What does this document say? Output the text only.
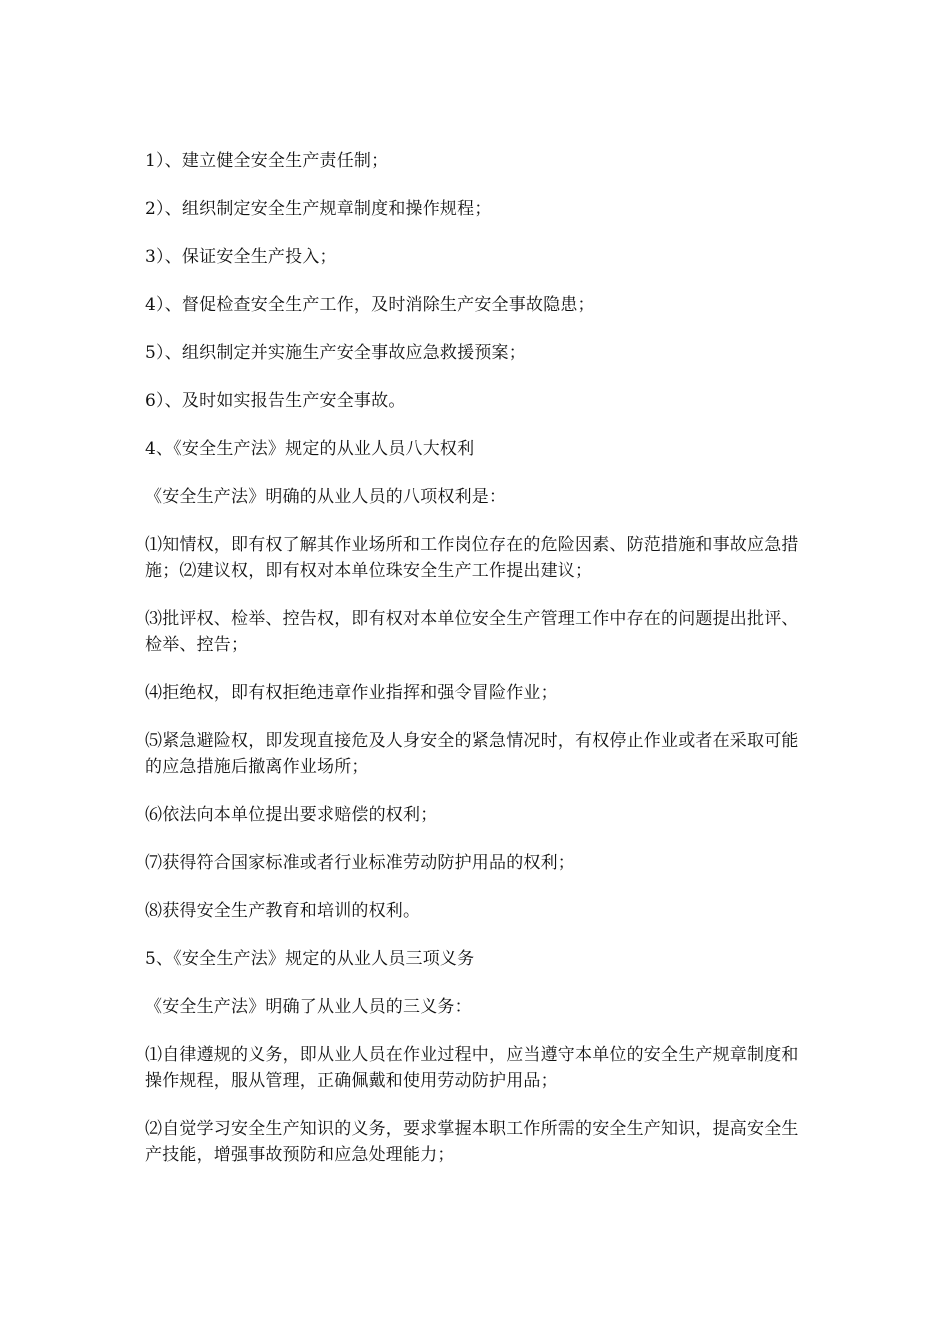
1）、建立健全安全生产责任制；

2）、组织制定安全生产规章制度和操作规程；

3）、保证安全生产投入；

4）、督促检查安全生产工作，及时消除生产安全事故隐患；

5）、组织制定并实施生产安全事故应急救援预案；

6）、及时如实报告生产安全事故。

4、《安全生产法》规定的从业人员八大权利

《安全生产法》明确的从业人员的八项权利是：

⑴知情权，即有权了解其作业场所和工作岗位存在的危险因素、防范措施和事故应急措施；⑵建议权，即有权对本单位珠安全生产工作提出建议；

⑶批评权、检举、控告权，即有权对本单位安全生产管理工作中存在的问题提出批评、检举、控告；

⑷拒绝权，即有权拒绝违章作业指挥和强令冒险作业；

⑸紧急避险权，即发现直接危及人身安全的紧急情况时，有权停止作业或者在采取可能的应急措施后撤离作业场所；

⑹依法向本单位提出要求赔偿的权利；

⑺获得符合国家标准或者行业标准劳动防护用品的权利；

⑻获得安全生产教育和培训的权利。

5、《安全生产法》规定的从业人员三项义务

《安全生产法》明确了从业人员的三义务：

⑴自律遵规的义务，即从业人员在作业过程中，应当遵守本单位的安全生产规章制度和操作规程，服从管理，正确佩戴和使用劳动防护用品；

⑵自觉学习安全生产知识的义务，要求掌握本职工作所需的安全生产知识，提高安全生产技能，增强事故预防和应急处理能力；
